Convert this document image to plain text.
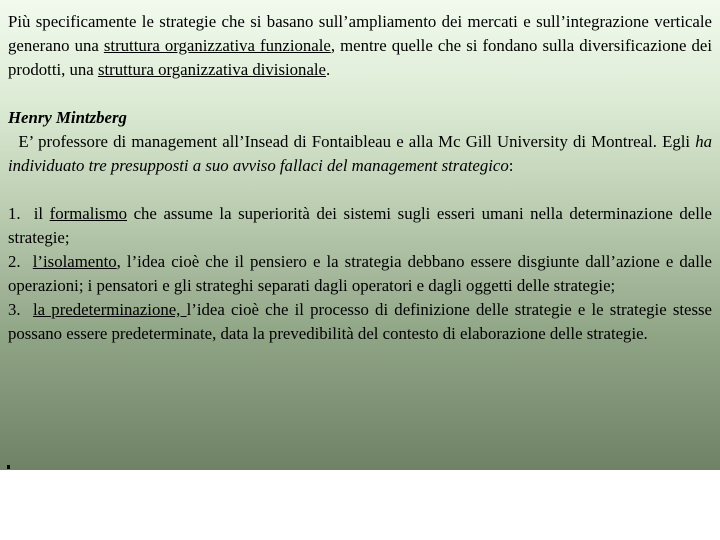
Più specificamente le strategie che si basano sull’ampliamento dei mercati e sull’integrazione verticale generano una struttura organizzativa funzionale, mentre quelle che si fondano sulla diversificazione dei prodotti, una struttura organizzativa divisionale.

Henry Mintzberg

E’ professore di management all’Insead di Fontaibleau e alla Mc Gill University di Montreal. Egli ha individuato tre presupposti a suo avviso fallaci del management strategico:

1.  il formalismo che assume la superiorità dei sistemi sugli esseri umani nella determinazione delle strategie;

2.  l’isolamento, l’idea cioè che il pensiero e la strategia debbano essere disgiunte dall’azione e dalle operazioni; i pensatori e gli strateghi separati dagli operatori e dagli oggetti delle strategie;

3.  la predeterminazione, l’idea cioè che il processo di definizione delle strategie e le strategie stesse possano essere predeterminate, data la prevedibilità del contesto di elaborazione delle strategie.
